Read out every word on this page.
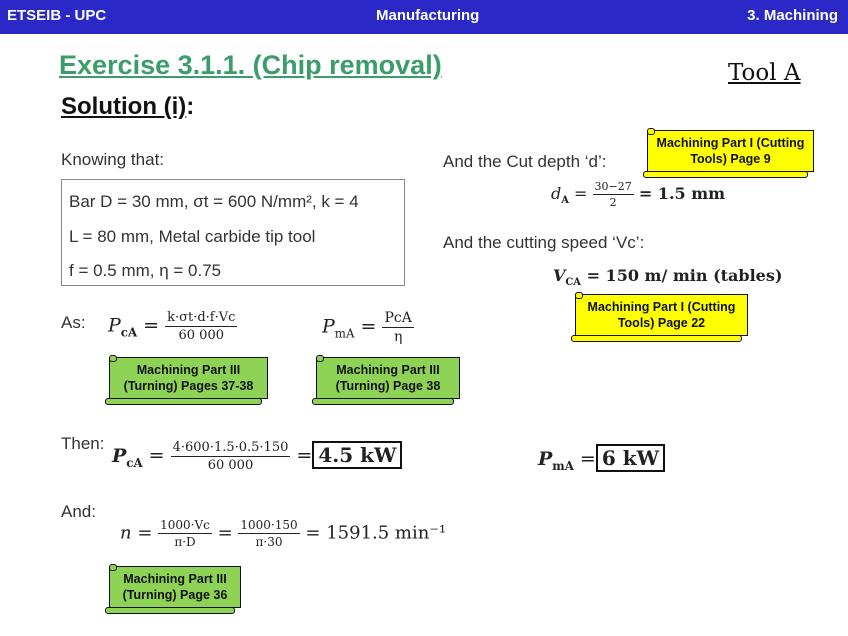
ETSEIB - UPC	Manufacturing	3. Machining
Exercise 3.1.1. (Chip removal)	Tool A
Solution (i):
Knowing that:
Bar D = 30 mm, σt = 600 N/mm², k = 4
L = 80 mm, Metal carbide tip tool
f = 0.5 mm, η = 0.75
As: $P_{cA} = \frac{k\cdot\sigma t\cdot d\cdot f\cdot Vc}{60 000}$	$P_{mA} = \frac{\text{PcA}}{\eta}$
Machining Part III (Turning) Pages 37-38
Machining Part III (Turning) Page 38
Then:
$P_{cA} = \frac{4\cdot 600\cdot 1.5\cdot 0.5\cdot 150}{60 000} = 4.5$ kW	$P_{mA} = 6$ kW
And:
$n = \frac{1000\cdot Vc}{\pi\cdot D} = \frac{1000\cdot 150}{\pi\cdot 30} = 1591.5$ min⁻¹
Machining Part III (Turning) Page 36
And the Cut depth ‘d’:
Machining Part I (Cutting Tools) Page 9
$d_A = \frac{30-27}{2} = 1.5$ mm
And the cutting speed ‘Vc’:
$V_{CA} = 150$ m/ min (tables)
Machining Part I (Cutting Tools) Page 22
